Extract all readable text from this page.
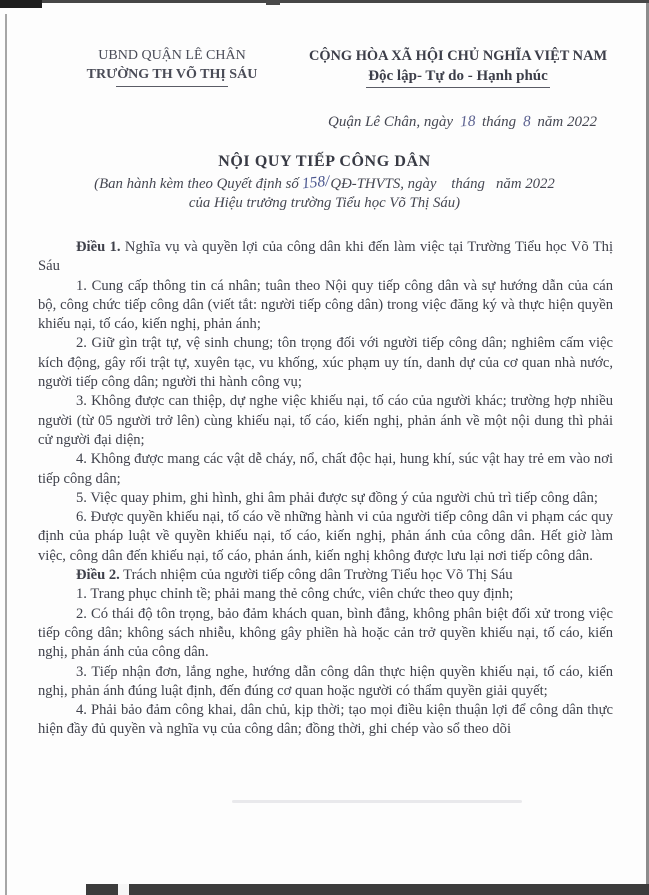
UBND QUẬN LÊ CHÂN
TRƯỜNG TH VÕ THỊ SÁU
CỘNG HÒA XÃ HỘI CHỦ NGHĨA VIỆT NAM
Độc lập- Tự do - Hạnh phúc
Quận Lê Chân, ngày 18 tháng 8 năm 2022
NỘI QUY TIẾP CÔNG DÂN
(Ban hành kèm theo Quyết định số 158/QĐ-THVTS, ngày    tháng   năm 2022
của Hiệu trưởng trường Tiểu học Võ Thị Sáu)

Điều 1. Nghĩa vụ và quyền lợi của công dân khi đến làm việc tại Trường Tiểu học Võ Thị Sáu

1. Cung cấp thông tin cá nhân; tuân theo Nội quy tiếp công dân và sự hướng dẫn của cán bộ, công chức tiếp công dân (viết tắt: người tiếp công dân) trong việc đăng ký và thực hiện quyền khiếu nại, tố cáo, kiến nghị, phản ánh;

2. Giữ gìn trật tự, vệ sinh chung; tôn trọng đối với người tiếp công dân; nghiêm cấm việc kích động, gây rối trật tự, xuyên tạc, vu khống, xúc phạm uy tín, danh dự của cơ quan nhà nước, người tiếp công dân; người thi hành công vụ;

3. Không được can thiệp, dự nghe việc khiếu nại, tố cáo của người khác; trường hợp nhiều người (từ 05 người trở lên) cùng khiếu nại, tố cáo, kiến nghị, phản ánh về một nội dung thì phải cử người đại diện;

4. Không được mang các vật dễ cháy, nổ, chất độc hại, hung khí, súc vật hay trẻ em vào nơi tiếp công dân;

5. Việc quay phim, ghi hình, ghi âm phải được sự đồng ý của người chủ trì tiếp công dân;

6. Được quyền khiếu nại, tố cáo về những hành vi của người tiếp công dân vi phạm các quy định của pháp luật về quyền khiếu nại, tố cáo, kiến nghị, phản ánh của công dân. Hết giờ làm việc, công dân đến khiếu nại, tố cáo, phản ánh, kiến nghị không được lưu lại nơi tiếp công dân.

Điều 2. Trách nhiệm của người tiếp công dân Trường Tiểu học Võ Thị Sáu

1. Trang phục chỉnh tề; phải mang thẻ công chức, viên chức theo quy định;

2. Có thái độ tôn trọng, bảo đảm khách quan, bình đẳng, không phân biệt đối xử trong việc tiếp công dân; không sách nhiễu, không gây phiền hà hoặc cản trở quyền khiếu nại, tố cáo, kiến nghị, phản ánh của công dân.

3. Tiếp nhận đơn, lắng nghe, hướng dẫn công dân thực hiện quyền khiếu nại, tố cáo, kiến nghị, phản ánh đúng luật định, đến đúng cơ quan hoặc người có thẩm quyền giải quyết;

4. Phải bảo đảm công khai, dân chủ, kịp thời; tạo mọi điều kiện thuận lợi để công dân thực hiện đầy đủ quyền và nghĩa vụ của công dân; đồng thời, ghi chép vào sổ theo dõi
